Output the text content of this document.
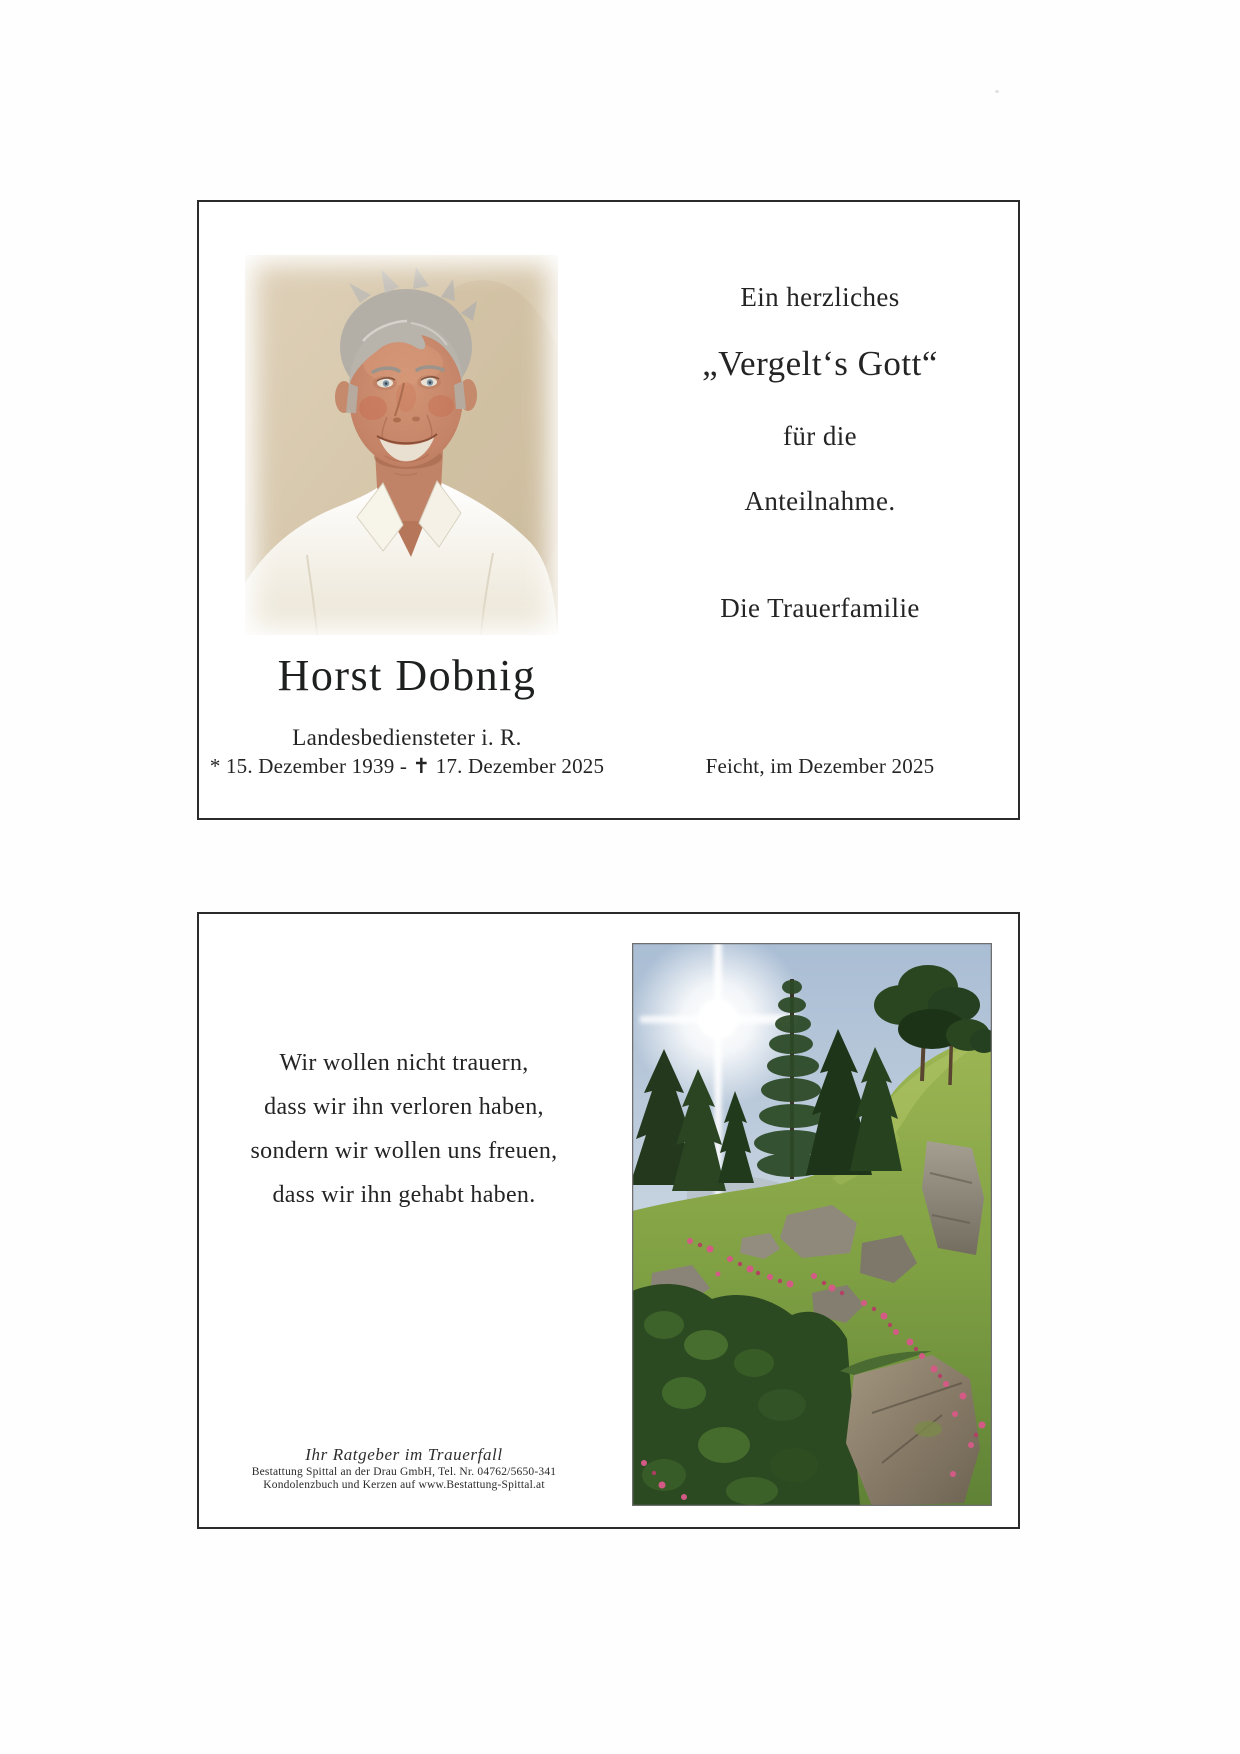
Horst Dobnig
Landesbediensteter i. R.
* 15. Dezember 1939 - ✝ 17. Dezember 2025
Ein herzliches
„Vergelt‘s Gott“
für die
Anteilnahme.
Die Trauerfamilie
Feicht, im Dezember 2025
Wir wollen nicht trauern,
dass wir ihn verloren haben,
sondern wir wollen uns freuen,
dass wir ihn gehabt haben.
Ihr Ratgeber im Trauerfall
Bestattung Spittal an der Drau GmbH, Tel. Nr. 04762/5650-341
Kondolenzbuch und Kerzen auf www.Bestattung-Spittal.at
